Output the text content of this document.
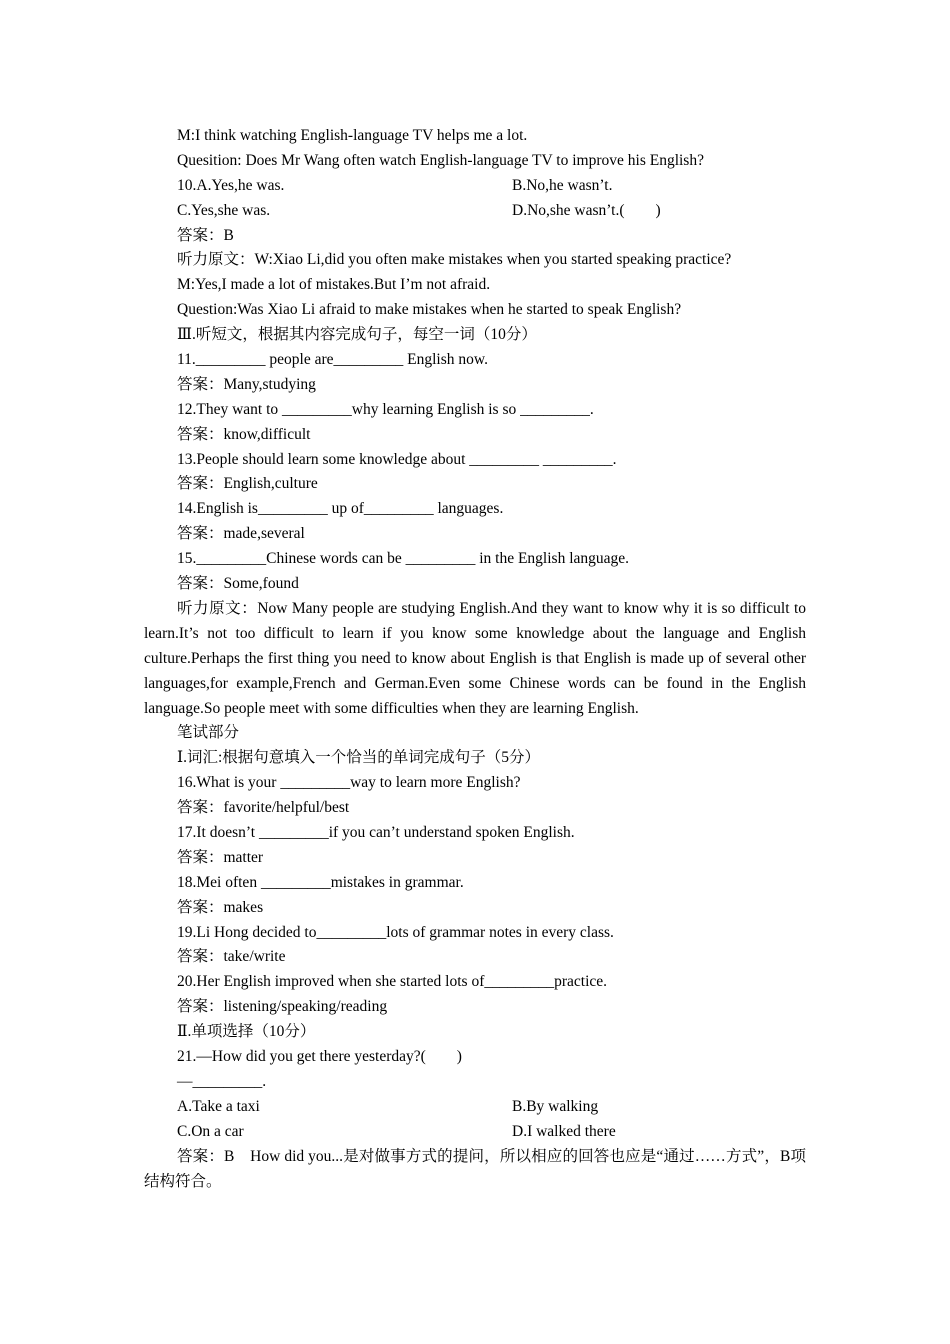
M:I think watching English-language TV helps me a lot.
Quesition: Does Mr Wang often watch English-language TV to improve his English?
10.A.Yes,he was.	B.No,he wasn’t.
C.Yes,she was.	D.No,she wasn’t.(　　)
答案：B
听力原文：W:Xiao Li,did you often make mistakes when you started speaking practice?
M:Yes,I made a lot of mistakes.But I’m not afraid.
Question:Was Xiao Li afraid to make mistakes when he started to speak English?
Ⅲ.听短文，根据其内容完成句子，每空一词（10分）
11._________ people are_________ English now.
答案：Many,studying
12.They want to _________why learning English is so _________.
答案：know,difficult
13.People should learn some knowledge about _________ _________.
答案：English,culture
14.English is_________ up of_________ languages.
答案：made,several
15._________Chinese words can be _________ in the English language.
答案：Some,found
听力原文：Now Many people are studying English.And they want to know why it is so difficult to learn.It’s not too difficult to learn if you know some knowledge about the language and English culture.Perhaps the first thing you need to know about English is that English is made up of several other languages,for example,French and German.Even some Chinese words can be found in the English language.So people meet with some difficulties when they are learning English.
笔试部分
Ⅰ.词汇:根据句意填入一个恰当的单词完成句子（5分）
16.What is your _________way to learn more English?
答案：favorite/helpful/best
17.It doesn’t _________if you can’t understand spoken English.
答案：matter
18.Mei often _________mistakes in grammar.
答案：makes
19.Li Hong decided to_________lots of grammar notes in every class.
答案：take/write
20.Her English improved when she started lots of_________practice.
答案：listening/speaking/reading
Ⅱ.单项选择（10分）
21.—How did you get there yesterday?(　　)
—_________.
A.Take a taxi	B.By walking
C.On a car	D.I walked there
答案：B　How did you...是对做事方式的提问，所以相应的回答也应是“通过……方式”，B项结构符合。
